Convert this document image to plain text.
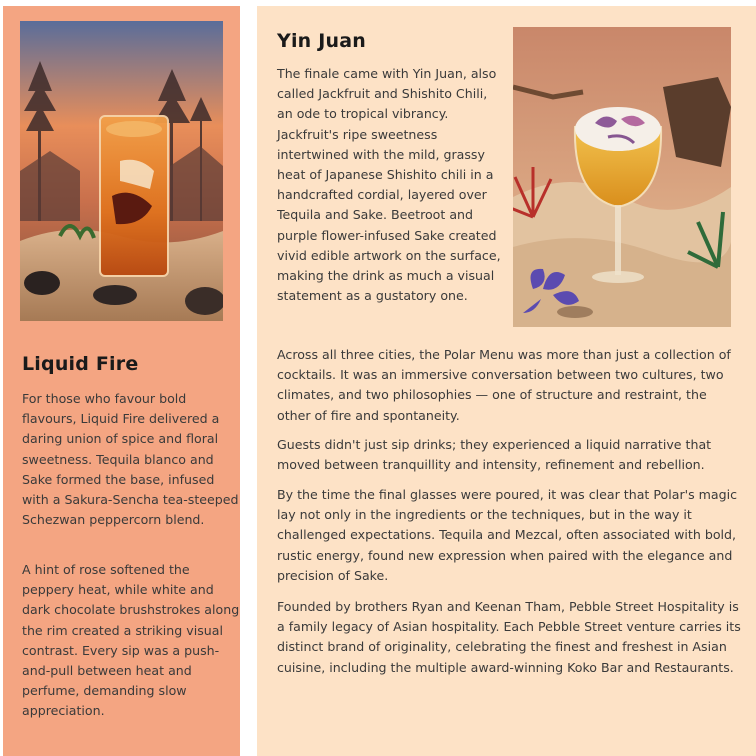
Liquid Fire

For those who favour bold flavours, Liquid Fire delivered a daring union of spice and floral sweetness. Tequila blanco and Sake formed the base, infused with a Sakura-Sencha tea-steeped Schezwan peppercorn blend.

A hint of rose softened the peppery heat, while white and dark chocolate brushstrokes along the rim created a striking visual contrast. Every sip was a push-and-pull between heat and perfume, demanding slow appreciation.

Yin Juan

The finale came with Yin Juan, also called Jackfruit and Shishito Chili, an ode to tropical vibrancy. Jackfruit's ripe sweetness intertwined with the mild, grassy heat of Japanese Shishito chili in a handcrafted cordial, layered over Tequila and Sake. Beetroot and purple flower-infused Sake created vivid edible artwork on the surface, making the drink as much a visual statement as a gustatory one.

Across all three cities, the Polar Menu was more than just a collection of cocktails. It was an immersive conversation between two cultures, two climates, and two philosophies — one of structure and restraint, the other of fire and spontaneity.

Guests didn't just sip drinks; they experienced a liquid narrative that moved between tranquillity and intensity, refinement and rebellion.

By the time the final glasses were poured, it was clear that Polar's magic lay not only in the ingredients or the techniques, but in the way it challenged expectations. Tequila and Mezcal, often associated with bold, rustic energy, found new expression when paired with the elegance and precision of Sake.

Founded by brothers Ryan and Keenan Tham, Pebble Street Hospitality is a family legacy of Asian hospitality. Each Pebble Street venture carries its distinct brand of originality, celebrating the finest and freshest in Asian cuisine, including the multiple award-winning Koko Bar and Restaurants.
